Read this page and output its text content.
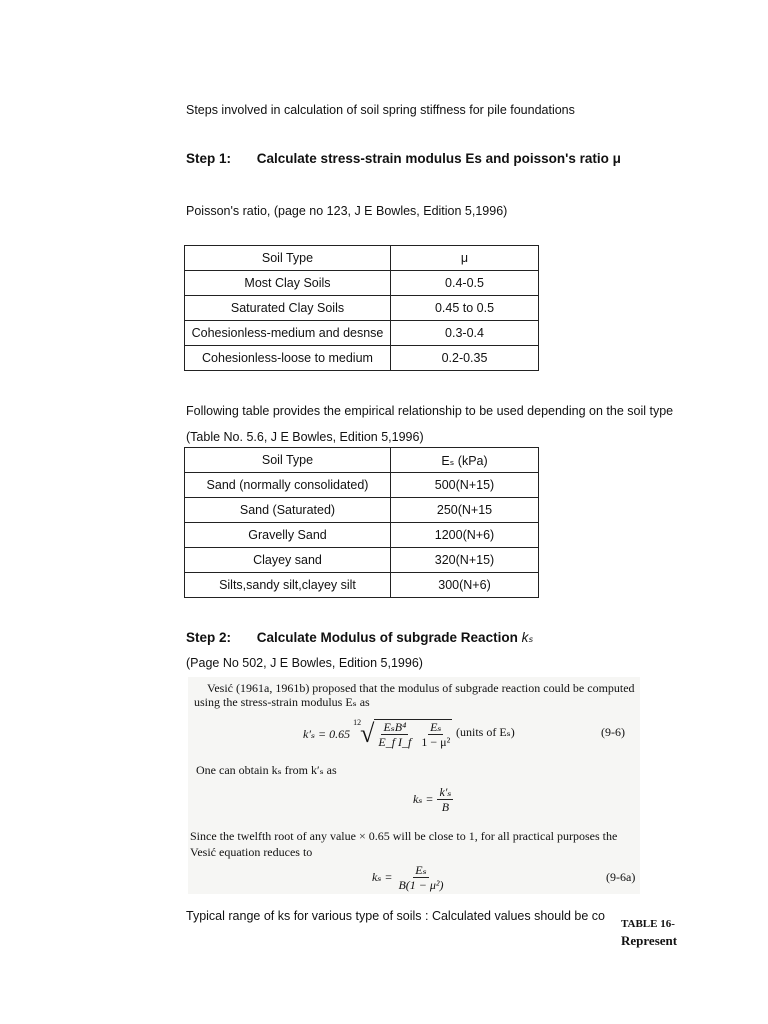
Steps involved in calculation of soil spring stiffness for pile foundations
Step 1: Calculate stress-strain modulus Es and poisson's ratio μ
Poisson's ratio, (page no 123, J E Bowles, Edition 5,1996)
Soil Type	μ
Most Clay Soils	0.4-0.5
Saturated Clay Soils	0.45 to 0.5
Cohesionless-medium and desnse	0.3-0.4
Cohesionless-loose to medium	0.2-0.35
Following table provides the empirical relationship to be used depending on the soil type
(Table No. 5.6, J E Bowles, Edition 5,1996)
Soil Type	Eₛ (kPa)
Sand (normally consolidated)	500(N+15)
Sand (Saturated)	250(N+15
Gravelly Sand	1200(N+6)
Clayey sand	320(N+15)
Silts,sandy silt,clayey silt	300(N+6)
Step 2: Calculate Modulus of subgrade Reaction kₛ
(Page No 502, J E Bowles, Edition 5,1996)
Vesić (1961a, 1961b) proposed that the modulus of subgrade reaction could be computed
using the stress-strain modulus Eₛ as
k′ₛ = 0.65
$^{12}$ √ $\frac{\text{EₛB⁴}}{\text{E\_f I\_f}} \frac{\text{Eₛ}}{\text{1 − μ²}}$ (units of Eₛ)	(9-6)
One can obtain kₛ from k′ₛ as
$k_s = \frac{\text{k′ₛ}}{B}$
Since the twelfth root of any value × 0.65 will be close to 1, for all practical purposes the
Vesić equation reduces to
$k_s = \frac{\text{Eₛ}}{\text{B(1 − μ²)}}$	(9-6a)
Typical range of ks for various type of soils : Calculated values should be co
TABLE 16-
Represent
